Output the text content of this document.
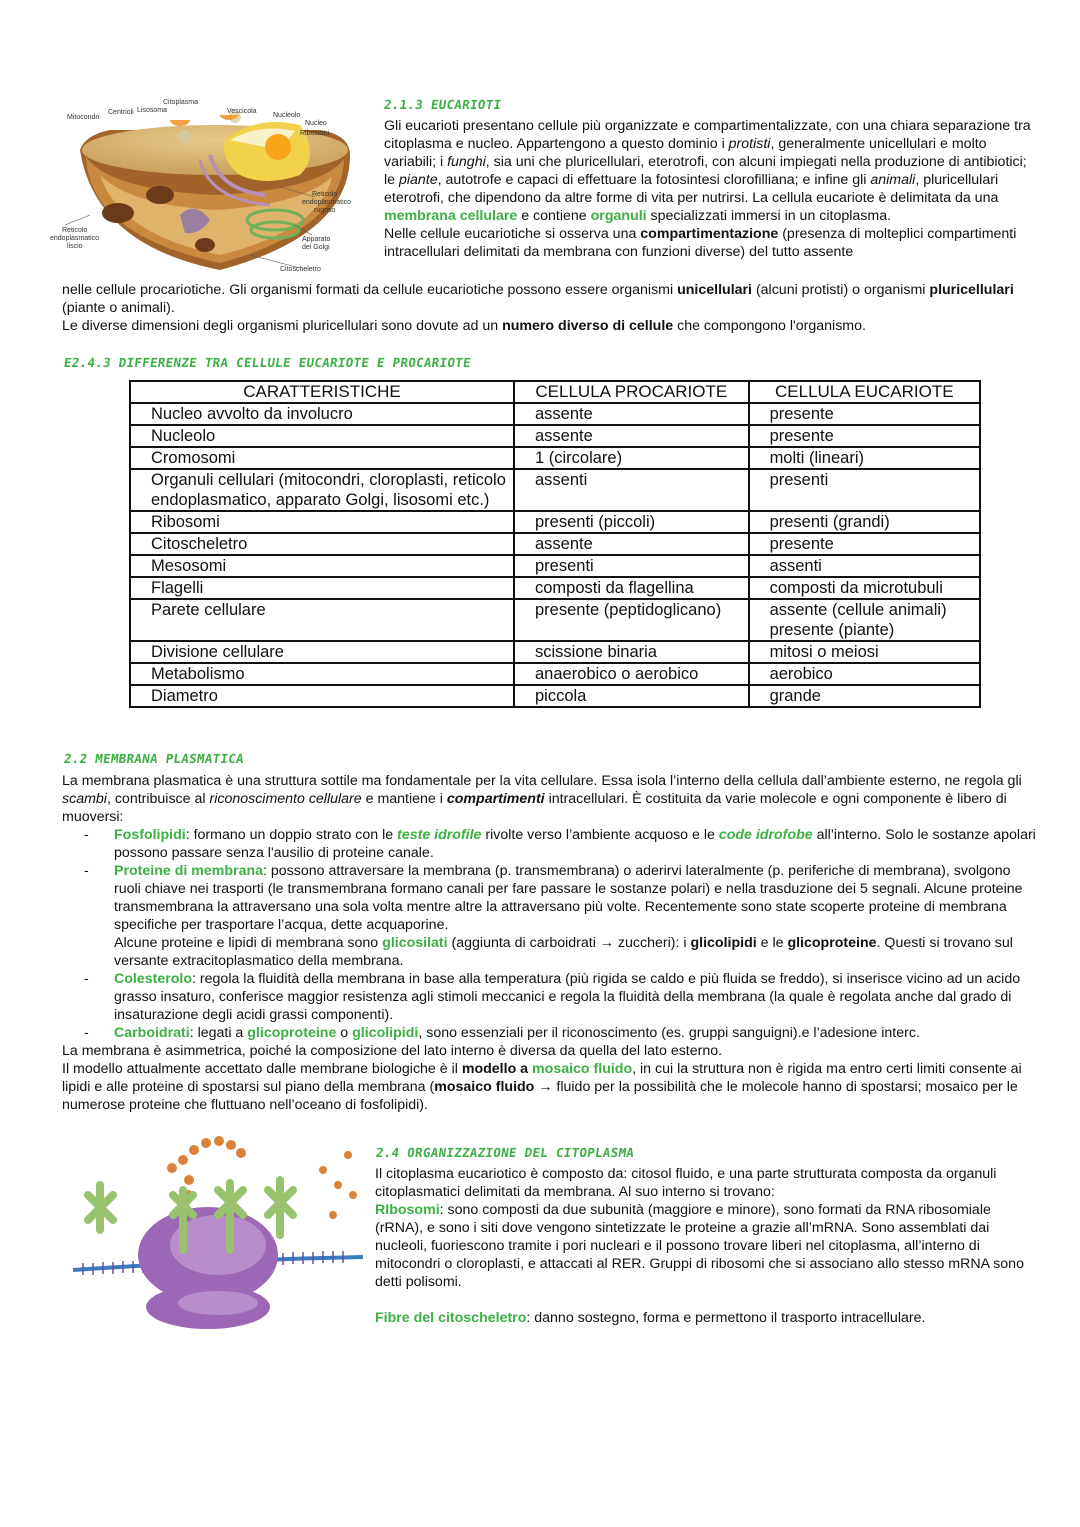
Citoplasma
Mitocondri
Centrioli Lisosoma	Vescicola
Nucleolo
Nucleo
Ribosomi
Reticolo
endoplasmatico
rugoso
Reticolo
endoplasmatico
liscio
Apparato
del Golgi
Citoscheletro
2.1.3 EUCARIOTI

Gli eucarioti presentano cellule più organizzate e compartimentalizzate, con una chiara separazione tra citoplasma e nucleo. Appartengono a questo dominio i protisti, generalmente unicellulari e molto variabili; i funghi, sia uni che pluricellulari, eterotrofi, con alcuni impiegati nella produzione di antibiotici; le piante, autotrofe e capaci di effettuare la fotosintesi clorofilliana; e infine gli animali, pluricellulari eterotrofi, che dipendono da altre forme di vita per nutrirsi. La cellula eucariote è delimitata da una membrana cellulare e contiene organuli specializzati immersi in un citoplasma.

Nelle cellule eucariotiche si osserva una compartimentazione (presenza di molteplici compartimenti intracellulari delimitati da membrana con funzioni diverse) del tutto assente

nelle cellule procariotiche. Gli organismi formati da cellule eucariotiche possono essere organismi unicellulari (alcuni protisti) o organismi pluricellulari (piante o animali).

Le diverse dimensioni degli organismi pluricellulari sono dovute ad un numero diverso di cellule che compongono l'organismo.

E2.4.3 DIFFERENZE TRA CELLULE EUCARIOTE E PROCARIOTE
CARATTERISTICHE	CELLULA PROCARIOTE	CELLULA EUCARIOTE
Nucleo avvolto da involucro	assente	presente
Nucleolo	assente	presente
Cromosomi	1 (circolare)	molti (lineari)
Organuli cellulari (mitocondri, cloroplasti, reticolo endoplasmatico, apparato Golgi, lisosomi etc.)	assenti	presenti
Ribosomi	presenti (piccoli)	presenti (grandi)
Citoscheletro	assente	presente
Mesosomi	presenti	assenti
Flagelli	composti da flagellina	composti da microtubuli
Parete cellulare	presente (peptidoglicano)	assente (cellule animali) presente (piante)
Divisione cellulare	scissione binaria	mitosi o meiosi
Metabolismo	anaerobico o aerobico	aerobico
Diametro	piccola	grande
2.2 MEMBRANA PLASMATICA

La membrana plasmatica è una struttura sottile ma fondamentale per la vita cellulare. Essa isola l’interno della cellula dall’ambiente esterno, ne regola gli scambi, contribuisce al riconoscimento cellulare e mantiene i compartimenti intracellulari. È costituita da varie molecole e ogni componente è libero di muoversi:

- Fosfolipidi: formano un doppio strato con le teste idrofile rivolte verso l’ambiente acquoso e le code idrofobe all’interno. Solo le sostanze apolari possono passare senza l'ausilio di proteine canale.
- Proteine di membrana: possono attraversare la membrana (p. transmembrana) o aderirvi lateralmente (p. periferiche di membrana), svolgono ruoli chiave nei trasporti (le transmembrana formano canali per fare passare le sostanze polari) e nella trasduzione dei 5 segnali. Alcune proteine transmembrana la attraversano una sola volta mentre altre la attraversano più volte. Recentemente sono state scoperte proteine di membrana specifiche per trasportare l’acqua, dette acquaporine.
Alcune proteine e lipidi di membrana sono glicosilati (aggiunta di carboidrati → zuccheri): i glicolipidi e le glicoproteine. Questi si trovano sul versante extracitoplasmatico della membrana.
- Colesterolo: regola la fluidità della membrana in base alla temperatura (più rigida se caldo e più fluida se freddo), si inserisce vicino ad un acido grasso insaturo, conferisce maggior resistenza agli stimoli meccanici e regola la fluidità della membrana (la quale è regolata anche dal grado di insaturazione degli acidi grassi componenti).
- Carboidrati: legati a glicoproteine o glicolipidi, sono essenziali per il riconoscimento (es. gruppi sanguigni).e l’adesione interc.

La membrana è asimmetrica, poiché la composizione del lato interno è diversa da quella del lato esterno.
Il modello attualmente accettato dalle membrane biologiche è il modello a mosaico fluido, in cui la struttura non è rigida ma entro certi limiti consente ai lipidi e alle proteine di spostarsi sul piano della membrana (mosaico fluido → fluido per la possibilità che le molecole hanno di spostarsi; mosaico per le numerose proteine che fluttuano nell’oceano di fosfolipidi).

2.4 ORGANIZZAZIONE DEL CITOPLASMA

Il citoplasma eucariotico è composto da: citosol fluido, e una parte strutturata composta da organuli citoplasmatici delimitati da membrana. Al suo interno si trovano:

RIbosomi: sono composti da due subunità (maggiore e minore), sono formati da RNA ribosomiale (rRNA), e sono i siti dove vengono sintetizzate le proteine a grazie all’mRNA. Sono assemblati dai nucleoli, fuoriescono tramite i pori nucleari e il possono trovare liberi nel citoplasma, all’interno di mitocondri o cloroplasti, e attaccati al RER. Gruppi di ribosomi che si associano allo stesso mRNA sono detti polisomi.

Fibre del citoscheletro: danno sostegno, forma e permettono il trasporto intracellulare.
